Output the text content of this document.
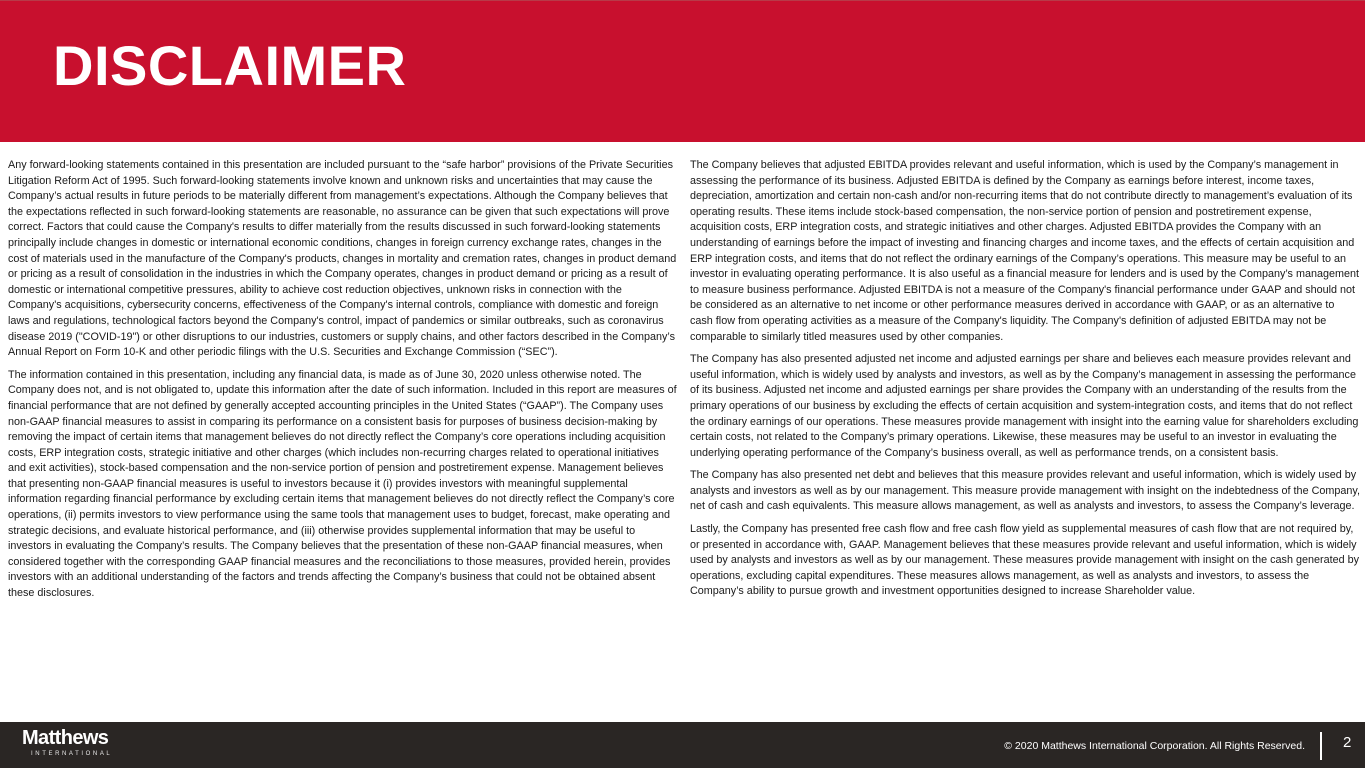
DISCLAIMER

Any forward-looking statements contained in this presentation are included pursuant to the “safe harbor” provisions of the Private Securities Litigation Reform Act of 1995. Such forward-looking statements involve known and unknown risks and uncertainties that may cause the Company’s actual results in future periods to be materially different from management’s expectations. Although the Company believes that the expectations reflected in such forward-looking statements are reasonable, no assurance can be given that such expectations will prove correct. Factors that could cause the Company's results to differ materially from the results discussed in such forward-looking statements principally include changes in domestic or international economic conditions, changes in foreign currency exchange rates, changes in the cost of materials used in the manufacture of the Company's products, changes in mortality and cremation rates, changes in product demand or pricing as a result of consolidation in the industries in which the Company operates, changes in product demand or pricing as a result of domestic or international competitive pressures, ability to achieve cost reduction objectives, unknown risks in connection with the Company's acquisitions, cybersecurity concerns, effectiveness of the Company's internal controls, compliance with domestic and foreign laws and regulations, technological factors beyond the Company's control, impact of pandemics or similar outbreaks, such as coronavirus disease 2019 ("COVID-19") or other disruptions to our industries, customers or supply chains, and other factors described in the Company’s Annual Report on Form 10-K and other periodic filings with the U.S. Securities and Exchange Commission (“SEC”).

The information contained in this presentation, including any financial data, is made as of June 30, 2020 unless otherwise noted. The Company does not, and is not obligated to, update this information after the date of such information. Included in this report are measures of financial performance that are not defined by generally accepted accounting principles in the United States (“GAAP”). The Company uses non-GAAP financial measures to assist in comparing its performance on a consistent basis for purposes of business decision-making by removing the impact of certain items that management believes do not directly reflect the Company’s core operations including acquisition costs, ERP integration costs, strategic initiative and other charges (which includes non-recurring charges related to operational initiatives and exit activities), stock-based compensation and the non-service portion of pension and postretirement expense. Management believes that presenting non-GAAP financial measures is useful to investors because it (i) provides investors with meaningful supplemental information regarding financial performance by excluding certain items that management believes do not directly reflect the Company’s core operations, (ii) permits investors to view performance using the same tools that management uses to budget, forecast, make operating and strategic decisions, and evaluate historical performance, and (iii) otherwise provides supplemental information that may be useful to investors in evaluating the Company’s results. The Company believes that the presentation of these non-GAAP financial measures, when considered together with the corresponding GAAP financial measures and the reconciliations to those measures, provided herein, provides investors with an additional understanding of the factors and trends affecting the Company’s business that could not be obtained absent these disclosures.

The Company believes that adjusted EBITDA provides relevant and useful information, which is used by the Company’s management in assessing the performance of its business. Adjusted EBITDA is defined by the Company as earnings before interest, income taxes, depreciation, amortization and certain non-cash and/or non-recurring items that do not contribute directly to management’s evaluation of its operating results. These items include stock-based compensation, the non-service portion of pension and postretirement expense, acquisition costs, ERP integration costs, and strategic initiatives and other charges. Adjusted EBITDA provides the Company with an understanding of earnings before the impact of investing and financing charges and income taxes, and the effects of certain acquisition and ERP integration costs, and items that do not reflect the ordinary earnings of the Company’s operations. This measure may be useful to an investor in evaluating operating performance. It is also useful as a financial measure for lenders and is used by the Company’s management to measure business performance. Adjusted EBITDA is not a measure of the Company's financial performance under GAAP and should not be considered as an alternative to net income or other performance measures derived in accordance with GAAP, or as an alternative to cash flow from operating activities as a measure of the Company's liquidity. The Company's definition of adjusted EBITDA may not be comparable to similarly titled measures used by other companies.

The Company has also presented adjusted net income and adjusted earnings per share and believes each measure provides relevant and useful information, which is widely used by analysts and investors, as well as by the Company’s management in assessing the performance of its business. Adjusted net income and adjusted earnings per share provides the Company with an understanding of the results from the primary operations of our business by excluding the effects of certain acquisition and system-integration costs, and items that do not reflect the ordinary earnings of our operations. These measures provide management with insight into the earning value for shareholders excluding certain costs, not related to the Company’s primary operations. Likewise, these measures may be useful to an investor in evaluating the underlying operating performance of the Company’s business overall, as well as performance trends, on a consistent basis.

The Company has also presented net debt and believes that this measure provides relevant and useful information, which is widely used by analysts and investors as well as by our management. This measure provide management with insight on the indebtedness of the Company, net of cash and cash equivalents. This measure allows management, as well as analysts and investors, to assess the Company’s leverage.

Lastly, the Company has presented free cash flow and free cash flow yield as supplemental measures of cash flow that are not required by, or presented in accordance with, GAAP. Management believes that these measures provide relevant and useful information, which is widely used by analysts and investors as well as by our management. These measures provide management with insight on the cash generated by operations, excluding capital expenditures. These measures allows management, as well as analysts and investors, to assess the Company’s ability to pursue growth and investment opportunities designed to increase Shareholder value.

Matthews
INTERNATIONAL
© 2020 Matthews International Corporation. All Rights Reserved.	2
